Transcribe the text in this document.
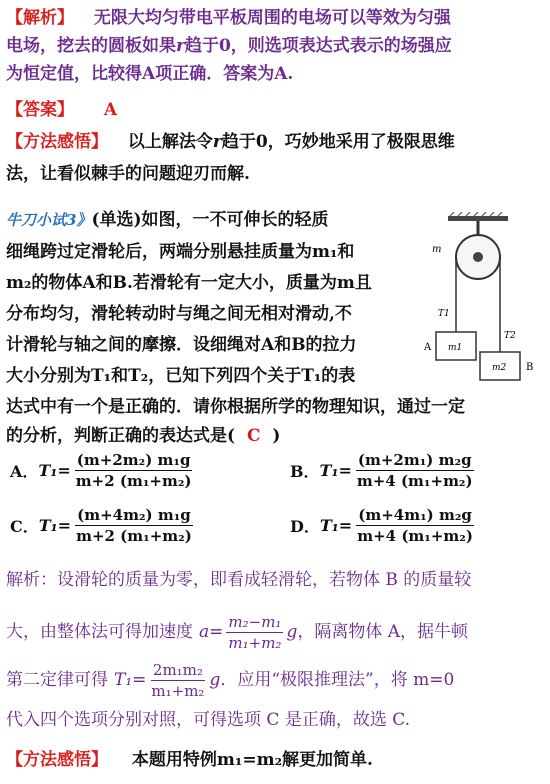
【解析】 无限大均匀带电平板周围的电场可以等效为匀强
电场，挖去的圆板如果r趋于0，则选项表达式表示的场强应
为恒定值，比较得A项正确．答案为A.
【答案】 A
【方法感悟】 以上解法令r趋于0，巧妙地采用了极限思维
法，让看似棘手的问题迎刃而解.
牛刀小试3》(单选)如图，一不可伸长的轻质
细绳跨过定滑轮后，两端分别悬挂质量为m₁和
m₂的物体A和B.若滑轮有一定大小，质量为m且
分布均匀，滑轮转动时与绳之间无相对滑动,不
计滑轮与轴之间的摩擦．设细绳对A和B的拉力
大小分别为T₁和T₂，已知下列四个关于T₁的表
达式中有一个是正确的．请你根据所学的物理知识，通过一定
的分析，判断正确的表达式是( C )
m
T1
T2
A m1
m2 B
A． $T_1= \frac{\text{(m+2m₂) m₁g}}{\text{m+2 (m₁+m₂)}}$	B． $T_1= \frac{\text{(m+2m₁) m₂g}}{\text{m+4 (m₁+m₂)}}$
C． $T_1= \frac{\text{(m+4m₂) m₁g}}{\text{m+2 (m₁+m₂)}}$	D． $T_1= \frac{\text{(m+4m₁) m₂g}}{\text{m+4 (m₁+m₂)}}$
解析：设滑轮的质量为零，即看成轻滑轮，若物体 B 的质量较
大，由整体法可得加速度 $a= \frac{\text{m₂−m₁}}{\text{m₁+m₂}}$ g ，隔离物体 A，据牛顿
第二定律可得 $T_1= \frac{\text{2m₁m₂}}{\text{m₁+m₂}}$ g ．应用“极限推理法”，将 m=0
代入四个选项分别对照，可得选项 C 是正确，故选 C.
【方法感悟】 本题用特例m₁=m₂解更加简单.
